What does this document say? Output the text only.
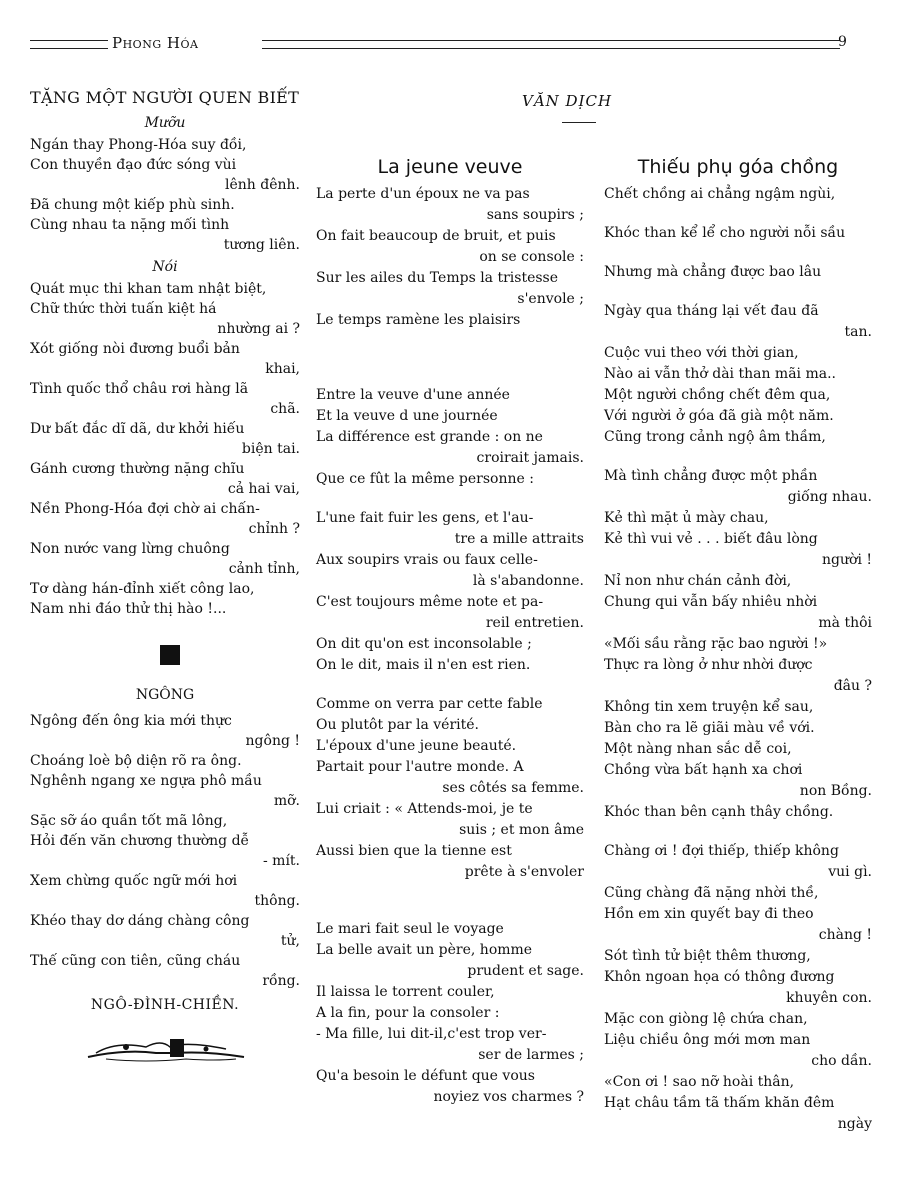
Phong Hóa	9
TẶNG MỘT NGƯỜI QUEN BIẾT
Mưỡu
Ngán thay Phong-Hóa suy đồi,
Con thuyền đạo đức sóng vùi
lênh đênh.
Đã chung một kiếp phù sinh.
Cùng nhau ta nặng mối tình
tương liên.
Nói
Quát mục thi khan tam nhật biệt,
Chữ thức thời tuấn kiệt há
nhường ai ?
Xót giống nòi đương buổi bản
khai,
Tình quốc thổ châu rơi hàng lã
chã.
Dư bất đắc dĩ dã, dư khởi hiếu
biện tai.
Gánh cương thường nặng chĩu
cả hai vai,
Nền Phong-Hóa đợi chờ ai chấn-
chỉnh ?
Non nước vang lừng chuông
cảnh tỉnh,
Tơ dàng hán-đỉnh xiết công lao,
Nam nhi đáo thử thị hào !...
NGÔNG
Ngông đến ông kia mới thực
ngông !
Choáng loè bộ diện rõ ra ông.
Nghênh ngang xe ngựa phô mầu
mỡ.
Sặc sỡ áo quần tốt mã lông,
Hỏi đến văn chương thường dễ
- mít.
Xem chừng quốc ngữ mới hơi
thông.
Khéo thay dơ dáng chàng công
tử,
Thế cũng con tiên, cũng cháu
rồng.
NGÔ-ĐÌNH-CHIỀN.
VĂN DỊCH
La jeune veuve
La perte d'un époux ne va pas
sans soupirs ;
On fait beaucoup de bruit, et puis
on se console :
Sur les ailes du Temps la tristesse
s'envole ;
Le temps ramène les plaisirs
Entre la veuve d'une année
Et la veuve d une journée
La différence est grande : on ne
croirait jamais.
Que ce fût la même personne :
L'une fait fuir les gens, et l'au-
tre a mille attraits
Aux soupirs vrais ou faux celle-
là s'abandonne.
C'est toujours même note et pa-
reil entretien.
On dit qu'on est inconsolable ;
On le dit, mais il n'en est rien.
Comme on verra par cette fable
Ou plutôt par la vérité.
L'époux d'une jeune beauté.
Partait pour l'autre monde. A
ses côtés sa femme.
Lui criait : « Attends-moi, je te
suis ; et mon âme
Aussi bien que la tienne est
prête à s'envoler
Le mari fait seul le voyage
La belle avait un père, homme
prudent et sage.
Il laissa le torrent couler,
A la fin, pour la consoler :
- Ma fille, lui dit-il,c'est trop ver-
ser de larmes ;
Qu'a besoin le défunt que vous
noyiez vos charmes ?
Thiếu phụ góa chồng
Chết chồng ai chẳng ngậm ngùi,
Khóc than kể lể cho người nỗi sầu
Nhưng mà chẳng được bao lâu
Ngày qua tháng lại vết đau đã
tan.
Cuộc vui theo với thời gian,
Nào ai vẫn thở dài than mãi ma..
Một người chồng chết đêm qua,
Với người ở góa đã già một năm.
Cũng trong cảnh ngộ âm thầm,
Mà tình chẳng được một phần
giống nhau.
Kẻ thì mặt ủ mày chau,
Kẻ thì vui vẻ . . . biết đâu lòng
người !
Nỉ non như chán cảnh đời,
Chung qui vẫn bấy nhiêu nhời
mà thôi
«Mối sầu rằng rặc bao người !»
Thực ra lòng ở như nhời được
đâu ?
Không tin xem truyện kể sau,
Bàn cho ra lẽ giãi màu về với.
Một nàng nhan sắc dễ coi,
Chồng vừa bất hạnh xa chơi
non Bồng.
Khóc than bên cạnh thây chồng.
Chàng ơi ! đợi thiếp, thiếp không
vui gì.
Cũng chàng đã nặng nhời thề,
Hồn em xin quyết bay đi theo
chàng !
Sót tình tử biệt thêm thương,
Khôn ngoan họa có thông đương
khuyên con.
Mặc con giòng lệ chứa chan,
Liệu chiều ông mới mơn man
cho dần.
«Con ơi ! sao nỡ hoài thân,
Hạt châu tầm tã thấm khăn đêm
ngày
